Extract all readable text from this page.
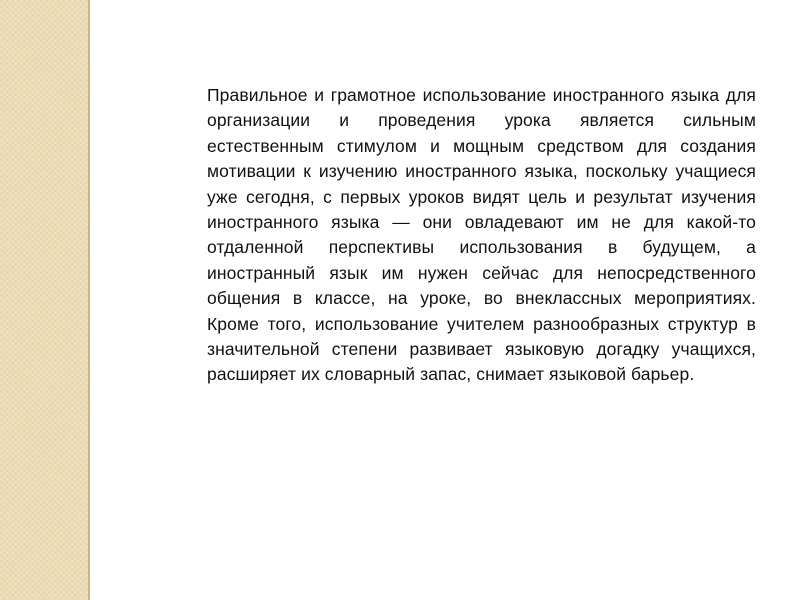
Правильное и грамотное использование иностранного языка для организации и проведения урока является сильным естественным стимулом и мощным средством для создания мотивации к изучению иностранного языка, поскольку учащиеся уже сегодня, с первых уроков видят цель и результат изучения иностранного языка — они овладевают им не для какой-то отдаленной перспективы использования в будущем, а иностранный язык им нужен сейчас для непосредственного общения в классе, на уроке, во внеклассных мероприятиях. Кроме того, использование учителем разнообразных структур в значительной степени развивает языковую догадку учащихся, расширяет их словарный запас, снимает языковой барьер.
